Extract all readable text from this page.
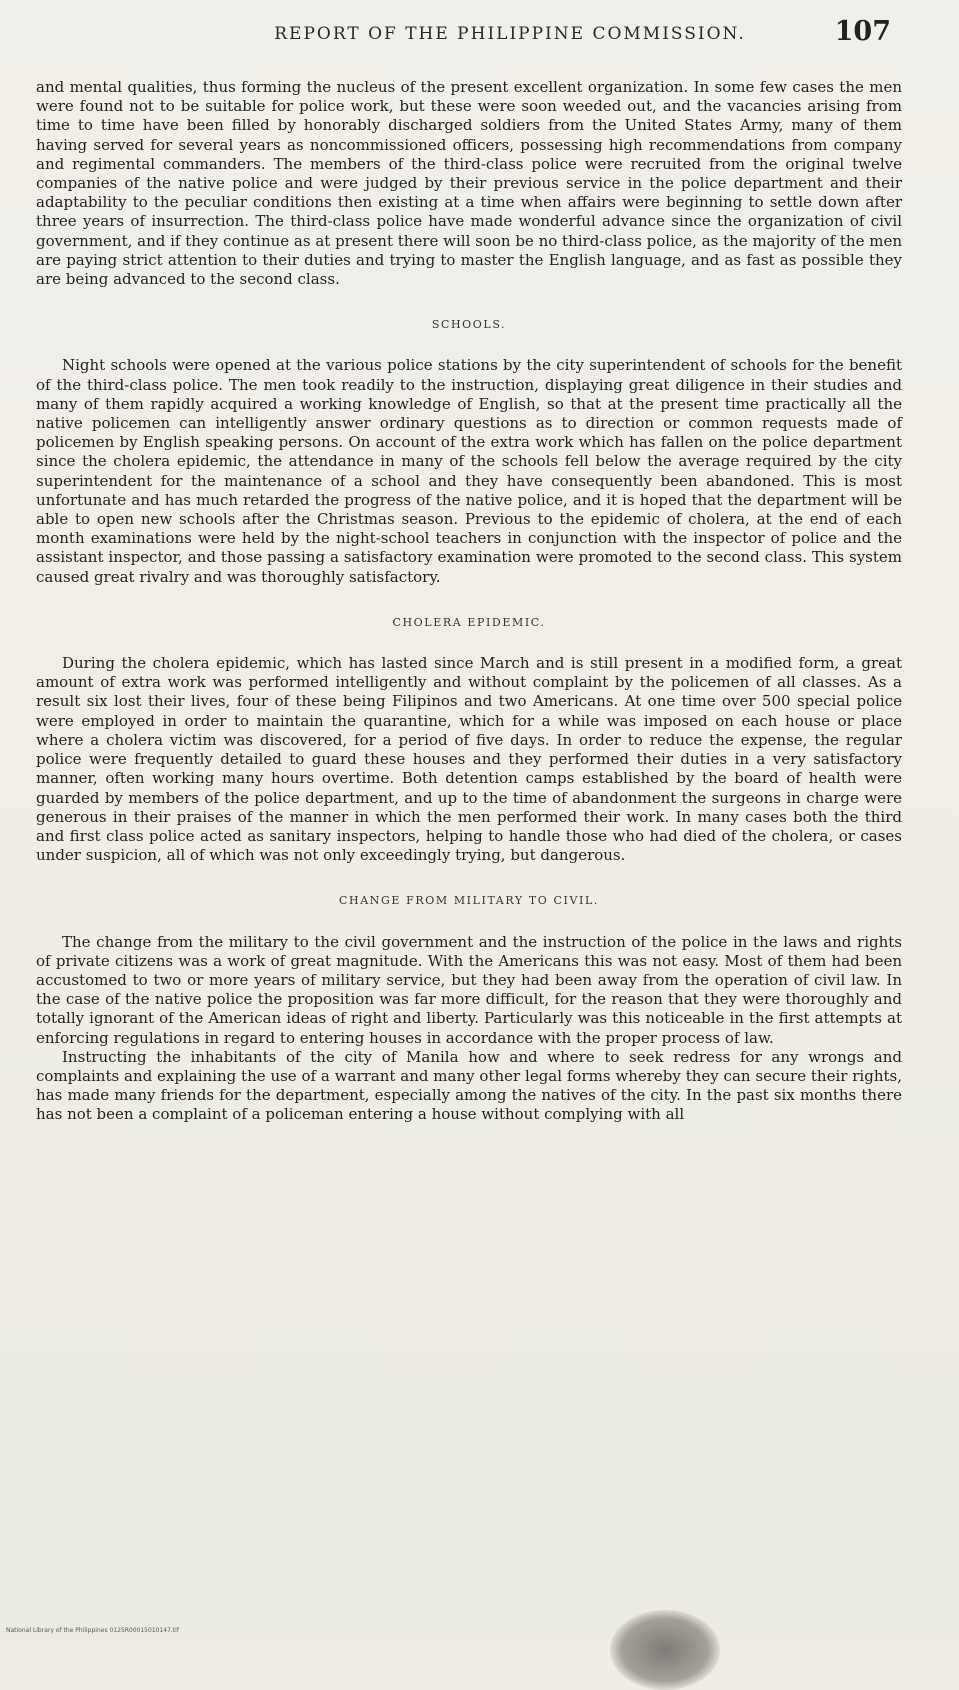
REPORT OF THE PHILIPPINE COMMISSION.	107

and mental qualities, thus forming the nucleus of the present excellent organization. In some few cases the men were found not to be suitable for police work, but these were soon weeded out, and the vacancies arising from time to time have been filled by honorably discharged soldiers from the United States Army, many of them having served for several years as noncommissioned officers, possessing high recommendations from company and regimental commanders. The members of the third-class police were recruited from the original twelve companies of the native police and were judged by their previous service in the police department and their adaptability to the peculiar conditions then existing at a time when affairs were beginning to settle down after three years of insurrection. The third-class police have made wonderful advance since the organization of civil government, and if they continue as at present there will soon be no third-class police, as the majority of the men are paying strict attention to their duties and trying to master the English language, and as fast as possible they are being advanced to the second class.

SCHOOLS.

Night schools were opened at the various police stations by the city superintendent of schools for the benefit of the third-class police. The men took readily to the instruction, displaying great diligence in their studies and many of them rapidly acquired a working knowledge of English, so that at the present time practically all the native policemen can intelligently answer ordinary questions as to direction or common requests made of policemen by English speaking persons. On account of the extra work which has fallen on the police department since the cholera epidemic, the attendance in many of the schools fell below the average required by the city superintendent for the maintenance of a school and they have consequently been abandoned. This is most unfortunate and has much retarded the progress of the native police, and it is hoped that the department will be able to open new schools after the Christmas season. Previous to the epidemic of cholera, at the end of each month examinations were held by the night-school teachers in conjunction with the inspector of police and the assistant inspector, and those passing a satisfactory examination were promoted to the second class. This system caused great rivalry and was thoroughly satisfactory.

CHOLERA EPIDEMIC.

During the cholera epidemic, which has lasted since March and is still present in a modified form, a great amount of extra work was performed intelligently and without complaint by the policemen of all classes. As a result six lost their lives, four of these being Filipinos and two Americans. At one time over 500 special police were employed in order to maintain the quarantine, which for a while was imposed on each house or place where a cholera victim was discovered, for a period of five days. In order to reduce the expense, the regular police were frequently detailed to guard these houses and they performed their duties in a very satisfactory manner, often working many hours overtime. Both detention camps established by the board of health were guarded by members of the police department, and up to the time of abandonment the surgeons in charge were generous in their praises of the manner in which the men performed their work. In many cases both the third and first class police acted as sanitary inspectors, helping to handle those who had died of the cholera, or cases under suspicion, all of which was not only exceedingly trying, but dangerous.

CHANGE FROM MILITARY TO CIVIL.

The change from the military to the civil government and the instruction of the police in the laws and rights of private citizens was a work of great magnitude. With the Americans this was not easy. Most of them had been accustomed to two or more years of military service, but they had been away from the operation of civil law. In the case of the native police the proposition was far more difficult, for the reason that they were thoroughly and totally ignorant of the American ideas of right and liberty. Particularly was this noticeable in the first attempts at enforcing regulations in regard to entering houses in accordance with the proper process of law.

Instructing the inhabitants of the city of Manila how and where to seek redress for any wrongs and complaints and explaining the use of a warrant and many other legal forms whereby they can secure their rights, has made many friends for the department, especially among the natives of the city. In the past six months there has not been a complaint of a policeman entering a house without complying with all

National Library of the Philippines 0125R00015010147.tif
